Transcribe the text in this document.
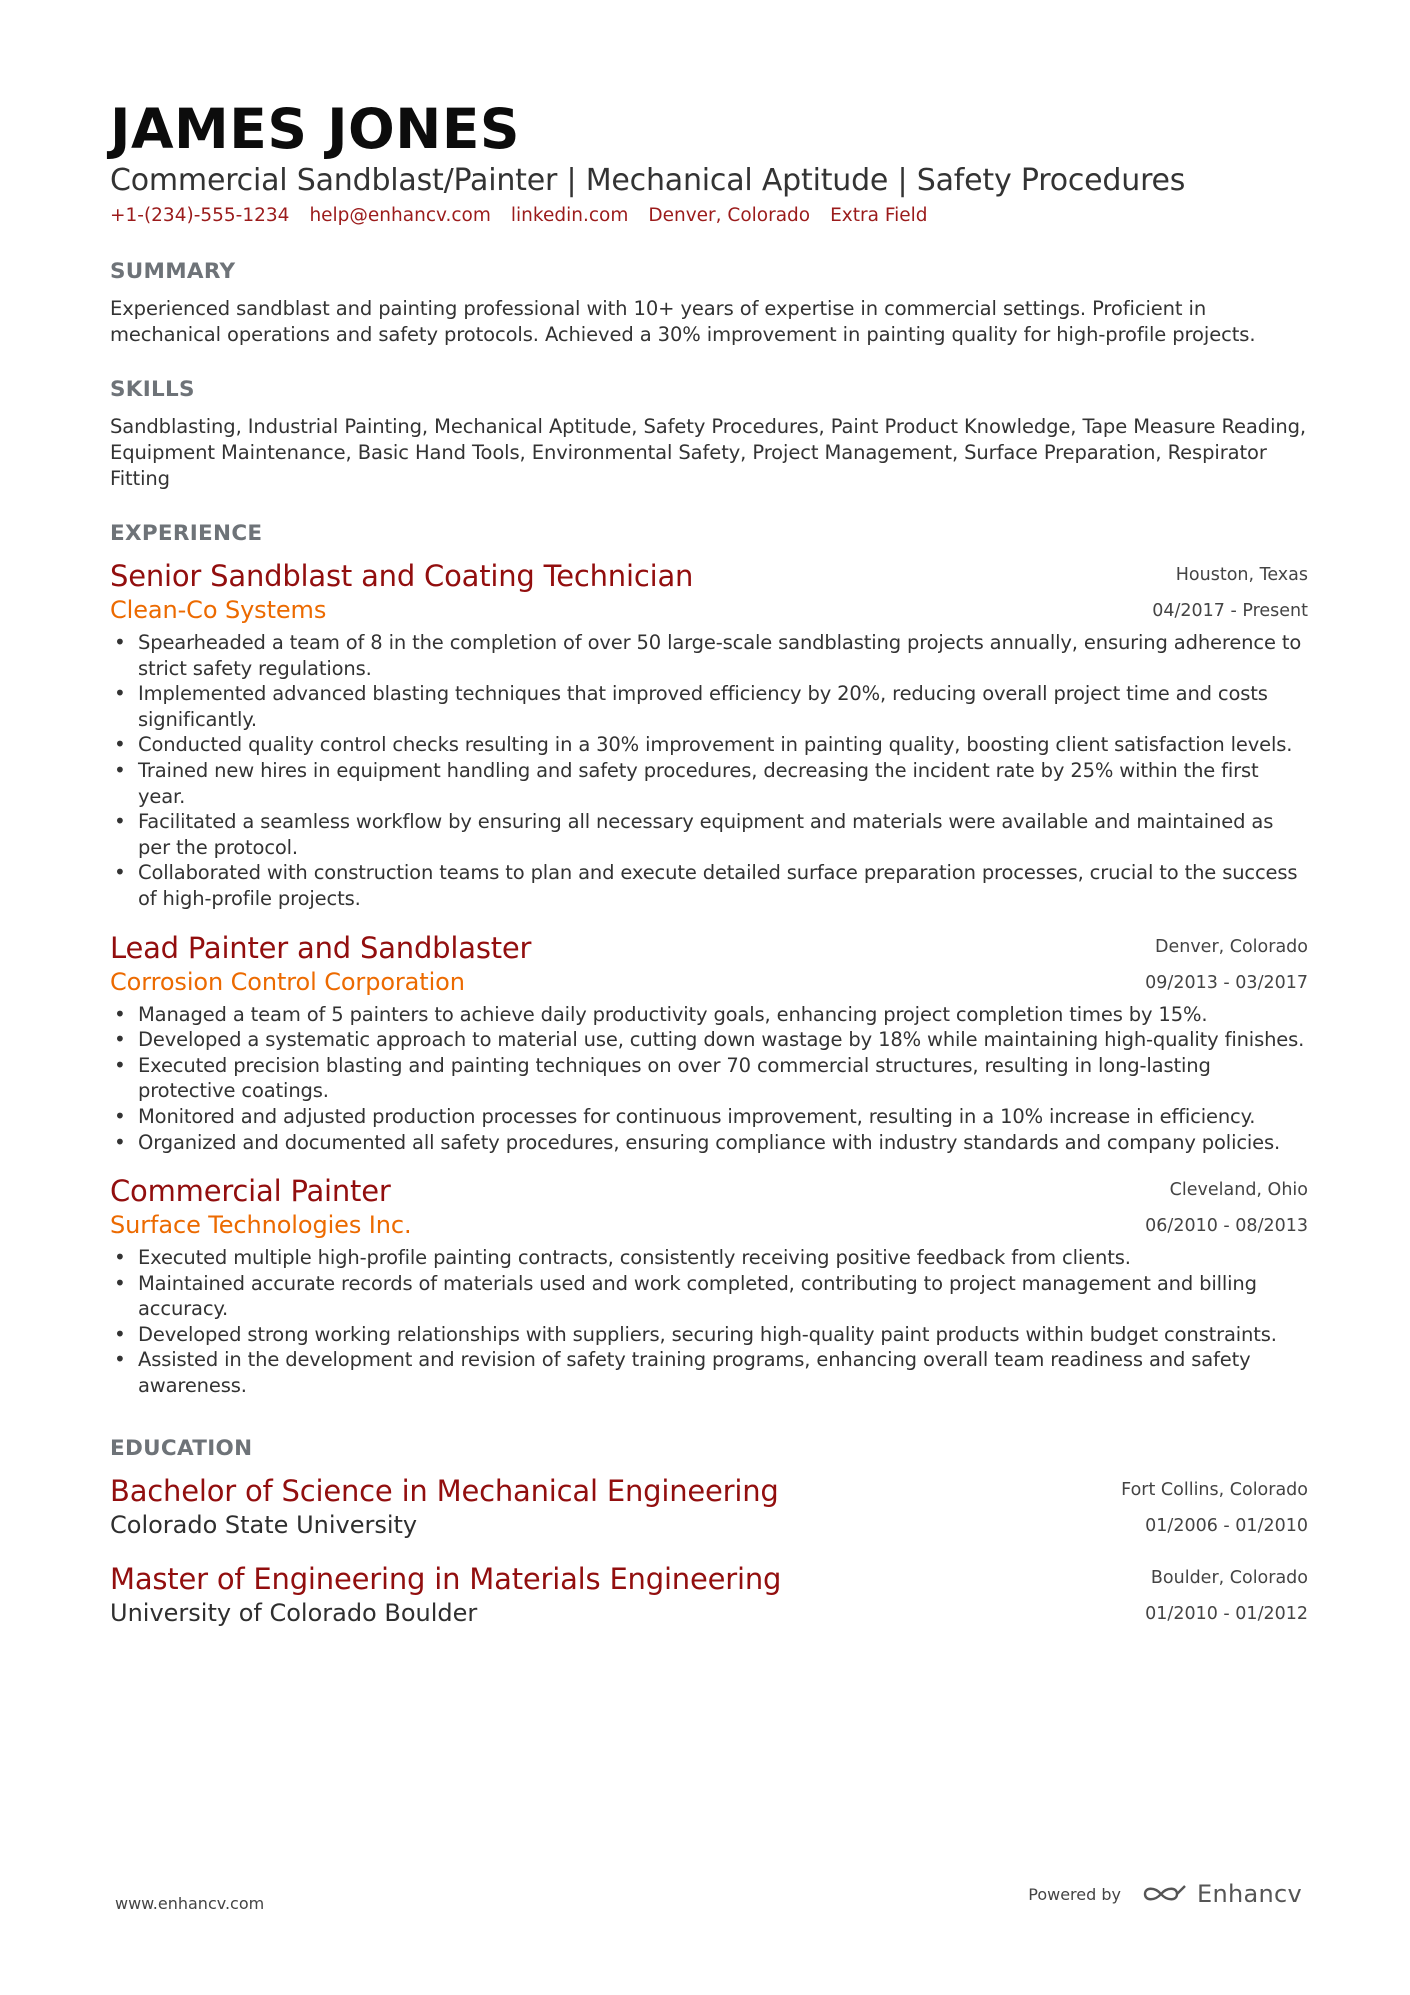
JAMES JONES
Commercial Sandblast/Painter | Mechanical Aptitude | Safety Procedures
+1-(234)-555-1234 help@enhancv.com linkedin.com Denver, Colorado Extra Field
SUMMARY
Experienced sandblast and painting professional with 10+ years of expertise in commercial settings. Proficient in mechanical operations and safety protocols. Achieved a 30% improvement in painting quality for high-profile projects.
SKILLS
Sandblasting, Industrial Painting, Mechanical Aptitude, Safety Procedures, Paint Product Knowledge, Tape Measure Reading, Equipment Maintenance, Basic Hand Tools, Environmental Safety, Project Management, Surface Preparation, Respirator Fitting
EXPERIENCE
Senior Sandblast and Coating Technician
Clean-Co Systems
Houston, Texas
04/2017 - Present
• Spearheaded a team of 8 in the completion of over 50 large-scale sandblasting projects annually, ensuring adherence to strict safety regulations.
• Implemented advanced blasting techniques that improved efficiency by 20%, reducing overall project time and costs significantly.
• Conducted quality control checks resulting in a 30% improvement in painting quality, boosting client satisfaction levels.
• Trained new hires in equipment handling and safety procedures, decreasing the incident rate by 25% within the first year.
• Facilitated a seamless workflow by ensuring all necessary equipment and materials were available and maintained as per the protocol.
• Collaborated with construction teams to plan and execute detailed surface preparation processes, crucial to the success of high-profile projects.
Lead Painter and Sandblaster
Corrosion Control Corporation
Denver, Colorado
09/2013 - 03/2017
• Managed a team of 5 painters to achieve daily productivity goals, enhancing project completion times by 15%.
• Developed a systematic approach to material use, cutting down wastage by 18% while maintaining high-quality finishes.
• Executed precision blasting and painting techniques on over 70 commercial structures, resulting in long-lasting protective coatings.
• Monitored and adjusted production processes for continuous improvement, resulting in a 10% increase in efficiency.
• Organized and documented all safety procedures, ensuring compliance with industry standards and company policies.
Commercial Painter
Surface Technologies Inc.
Cleveland, Ohio
06/2010 - 08/2013
• Executed multiple high-profile painting contracts, consistently receiving positive feedback from clients.
• Maintained accurate records of materials used and work completed, contributing to project management and billing accuracy.
• Developed strong working relationships with suppliers, securing high-quality paint products within budget constraints.
• Assisted in the development and revision of safety training programs, enhancing overall team readiness and safety awareness.
EDUCATION
Bachelor of Science in Mechanical Engineering
Colorado State University
Fort Collins, Colorado
01/2006 - 01/2010
Master of Engineering in Materials Engineering
University of Colorado Boulder
Boulder, Colorado
01/2010 - 01/2012
www.enhancv.com	Powered by	Enhancv
